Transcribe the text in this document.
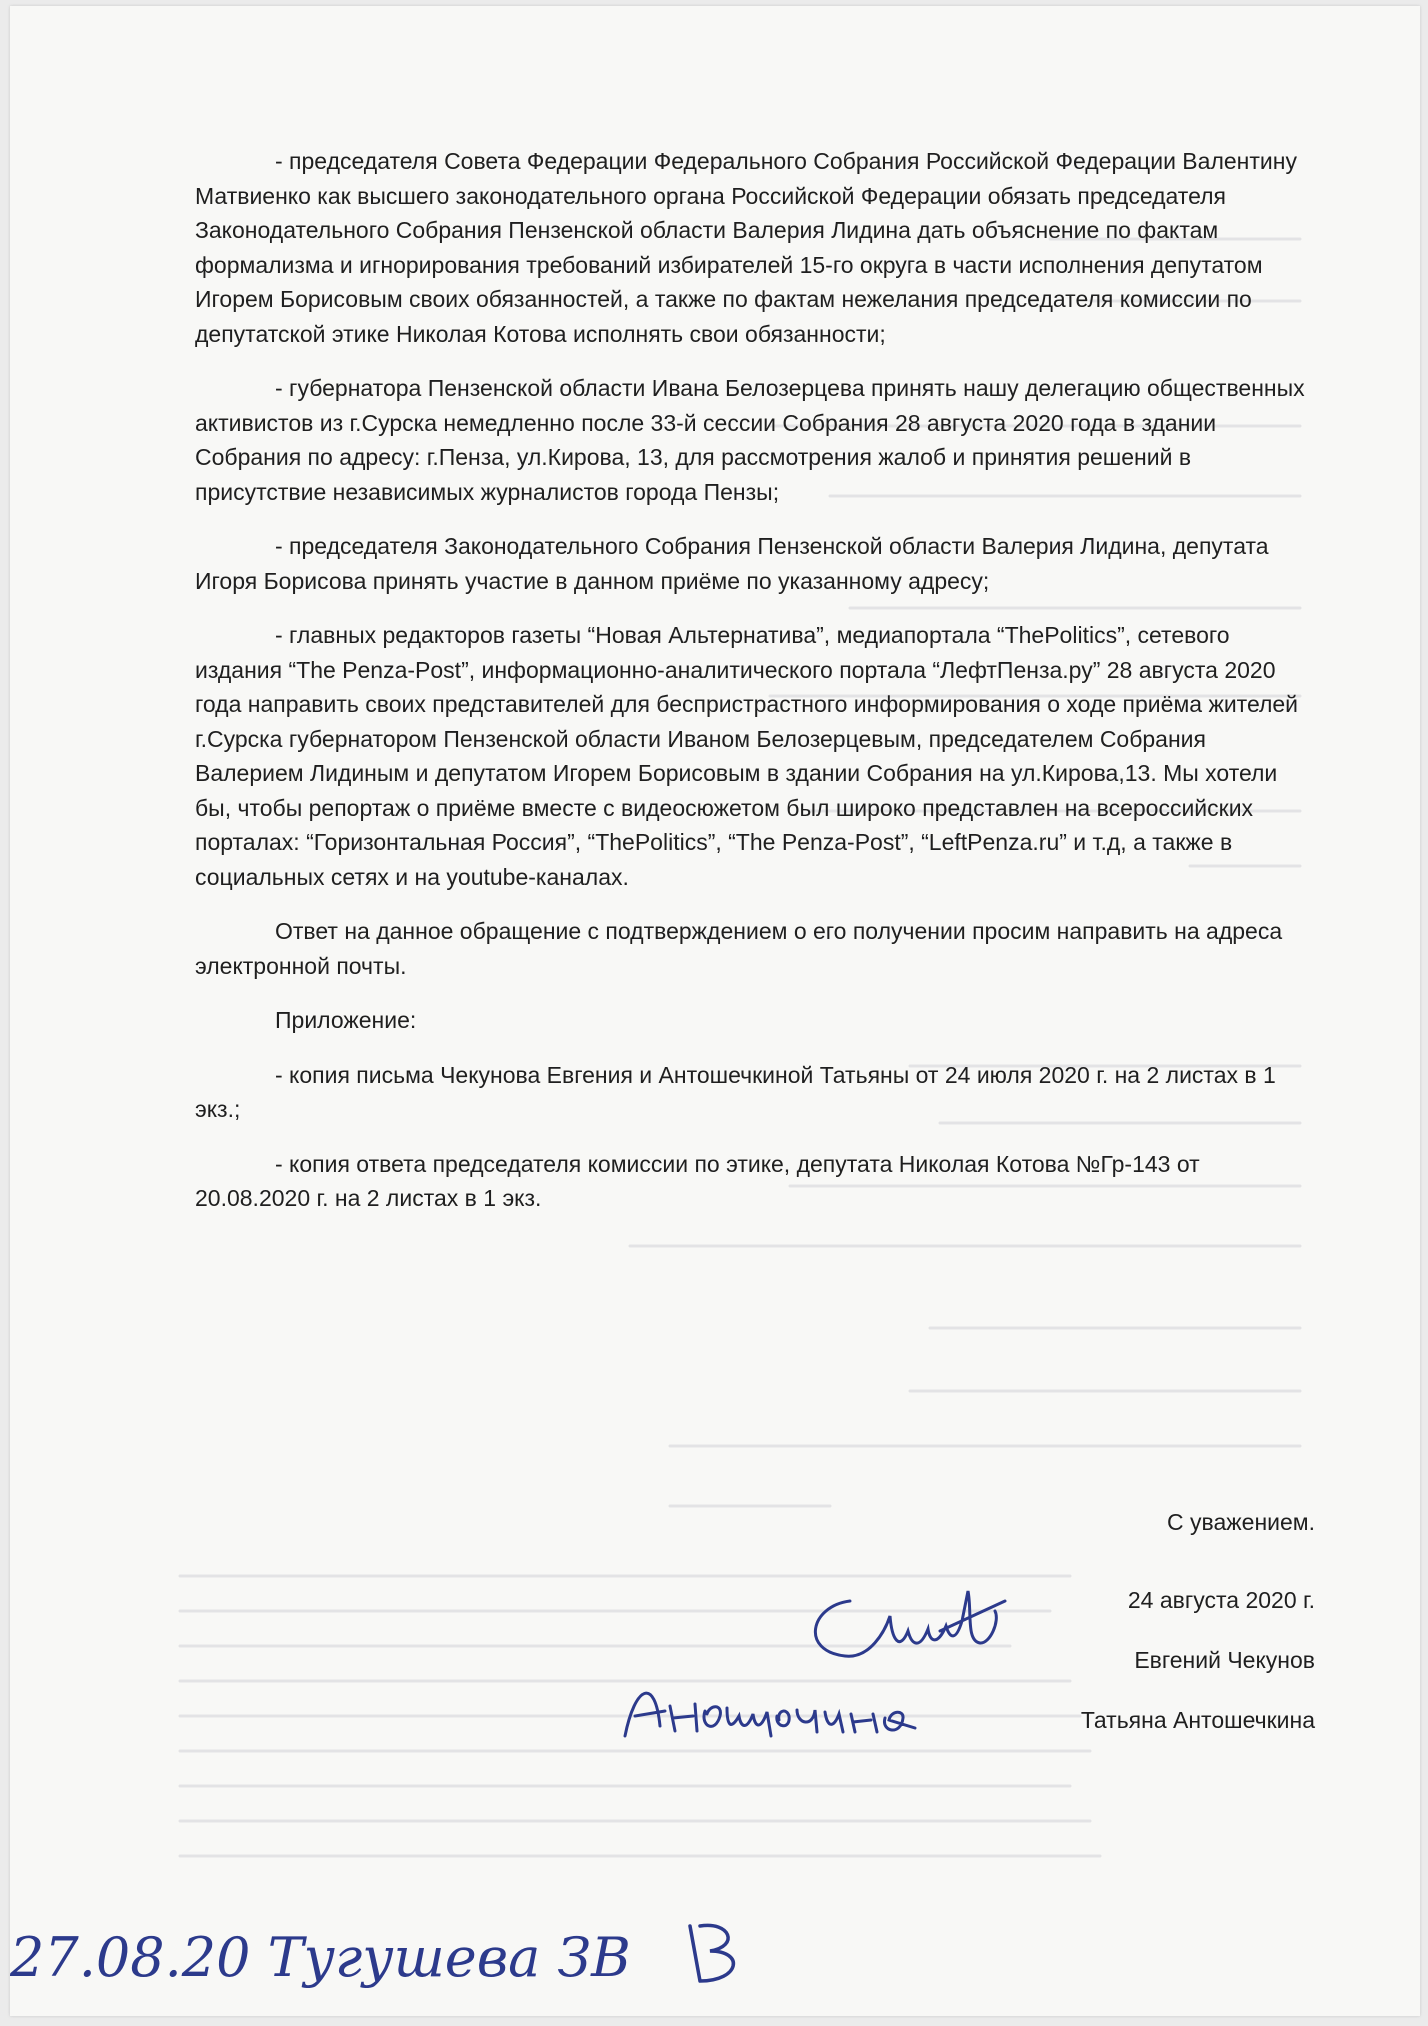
- председателя Совета Федерации Федерального Собрания Российской Федерации Валентину Матвиенко как высшего законодательного органа Российской Федерации обязать председателя Законодательного Собрания Пензенской области Валерия Лидина дать объяснение по фактам формализма и игнорирования требований избирателей 15-го округа в части исполнения депутатом Игорем Борисовым своих обязанностей, а также по фактам нежелания председателя комиссии по депутатской этике Николая Котова исполнять свои обязанности;

- губернатора Пензенской области Ивана Белозерцева принять нашу делегацию общественных активистов из г.Сурска немедленно после 33-й сессии Собрания 28 августа 2020 года в здании Собрания по адресу: г.Пенза, ул.Кирова, 13, для рассмотрения жалоб и принятия решений в присутствие независимых журналистов города Пензы;

- председателя Законодательного Собрания Пензенской области Валерия Лидина, депутата Игоря Борисова принять участие в данном приёме по указанному адресу;

- главных редакторов газеты “Новая Альтернатива”, медиапортала “ThePolitics”, сетевого издания “The Penza-Post”, информационно-аналитического портала “ЛефтПенза.ру” 28 августа 2020 года направить своих представителей для беспристрастного информирования о ходе приёма жителей г.Сурска губернатором Пензенской области Иваном Белозерцевым, председателем Собрания Валерием Лидиным и депутатом Игорем Борисовым в здании Собрания на ул.Кирова,13. Мы хотели бы, чтобы репортаж о приёме вместе с видеосюжетом был широко представлен на всероссийских порталах: “Горизонтальная Россия”, “ThePolitics”, “The Penza-Post”, “LeftPenza.ru” и т.д, а также в социальных сетях и на youtube-каналах.

Ответ на данное обращение с подтверждением о его получении просим направить на адреса электронной почты.

Приложение:

- копия письма Чекунова Евгения и Антошечкиной Татьяны от 24 июля 2020 г. на 2 листах в 1 экз.;

- копия ответа председателя комиссии по этике, депутата Николая Котова №Гр-143 от 20.08.2020 г. на 2 листах в 1 экз.

С уважением.
24 августа 2020 г.
Евгений Чекунов
Татьяна Антошечкина
27.08.20 Тугушева ЗВ
